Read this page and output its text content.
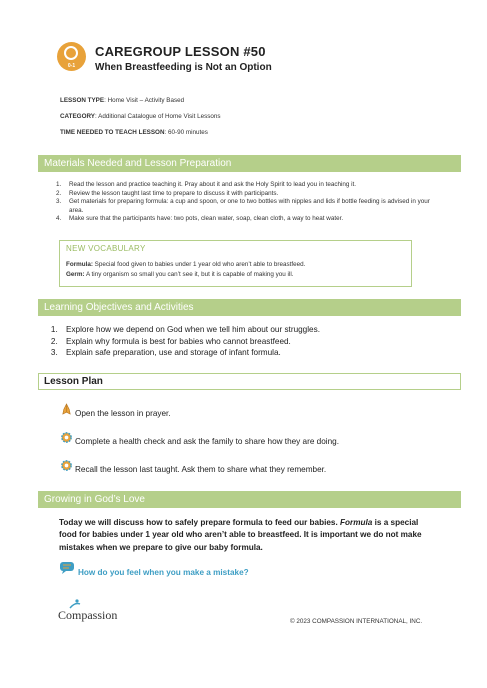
0-1
CAREGROUP LESSON #50
When Breastfeeding is Not an Option
LESSON TYPE: Home Visit – Activity Based
CATEGORY: Additional Catalogue of Home Visit Lessons
TIME NEEDED TO TEACH LESSON: 60-90 minutes
Materials Needed and Lesson Preparation
1. Read the lesson and practice teaching it. Pray about it and ask the Holy Spirit to lead you in teaching it.
2. Review the lesson taught last time to prepare to discuss it with participants.
3. Get materials for preparing formula: a cup and spoon, or one to two bottles with nipples and lids if bottle feeding is advised in your area.
4. Make sure that the participants have: two pots, clean water, soap, clean cloth, a way to heat water.
NEW VOCABULARY
Formula: Special food given to babies under 1 year old who aren’t able to breastfeed.
Germ: A tiny organism so small you can’t see it, but it is capable of making you ill.
Learning Objectives and Activities
1. Explore how we depend on God when we tell him about our struggles.
2. Explain why formula is best for babies who cannot breastfeed.
3. Explain safe preparation, use and storage of infant formula.
Lesson Plan
Open the lesson in prayer.
Complete a health check and ask the family to share how they are doing.
Recall the lesson last taught. Ask them to share what they remember.
Growing in God’s Love
Today we will discuss how to safely prepare formula to feed our babies. Formula is a special food for babies under 1 year old who aren’t able to breastfeed. It is important we do not make mistakes when we prepare to give our baby formula.
How do you feel when you make a mistake?
Compassion	© 2023 COMPASSION INTERNATIONAL, INC.
